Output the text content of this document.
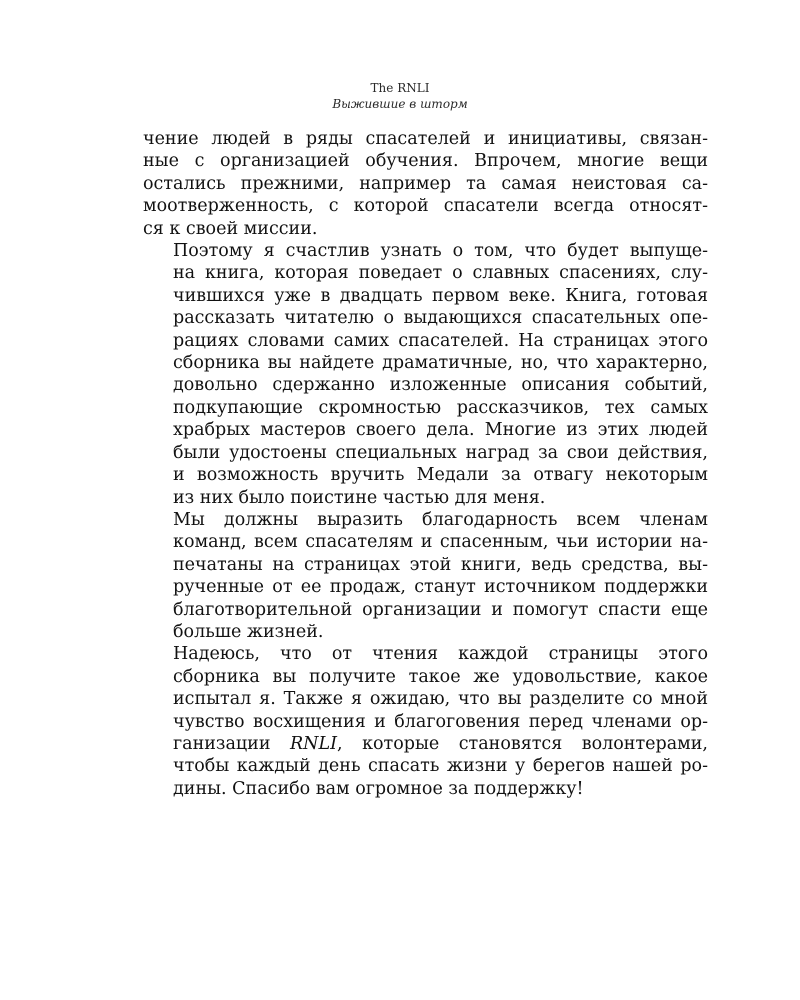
The RNLI
Выжившие в шторм

чение людей в ряды спасателей и инициативы, связан-
ные с организацией обучения. Впрочем, многие вещи
остались прежними, например та самая неистовая са-
моотверженность, с которой спасатели всегда относят-
ся к своей миссии.

Поэтому я счастлив узнать о том, что будет выпуще-
на книга, которая поведает о славных спасениях, слу-
чившихся уже в двадцать первом веке. Книга, готовая
рассказать читателю о выдающихся спасательных опе-
рациях словами самих спасателей. На страницах этого
сборника вы найдете драматичные, но, что характерно,
довольно сдержанно изложенные описания событий,
подкупающие скромностью рассказчиков, тех самых
храбрых мастеров своего дела. Многие из этих людей
были удостоены специальных наград за свои действия,
и возможность вручить Медали за отвагу некоторым
из них было поистине частью для меня.

Мы должны выразить благодарность всем членам
команд, всем спасателям и спасенным, чьи истории на-
печатаны на страницах этой книги, ведь средства, вы-
рученные от ее продаж, станут источником поддержки
благотворительной организации и помогут спасти еще
больше жизней.

Надеюсь, что от чтения каждой страницы этого
сборника вы получите такое же удовольствие, какое
испытал я. Также я ожидаю, что вы разделите со мной
чувство восхищения и благоговения перед членами ор-
ганизации RNLI, которые становятся волонтерами,
чтобы каждый день спасать жизни у берегов нашей ро-
дины. Спасибо вам огромное за поддержку!
